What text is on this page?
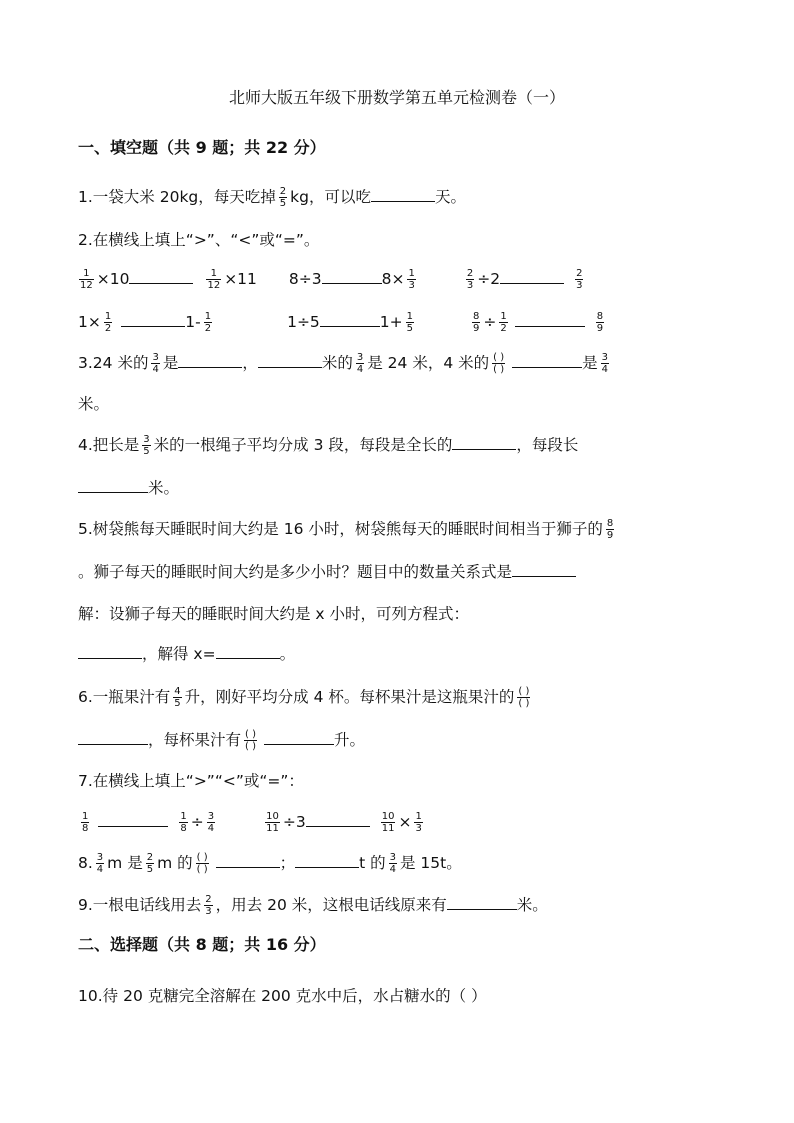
北师大版五年级下册数学第五单元检测卷（一）
一、填空题（共 9 题；共 22 分）
1.一袋大米 20kg，每天吃掉 $\frac{2}{5}$ kg，可以吃	天。
2.在横线上填上“>”、“<”或“=”。
$\frac{1}{12} \times 10$	$\frac{1}{12} \times 11$ 8÷3	$8\times \frac{1}{3}$	$\frac{2}{3} \div 2$	$\frac{2}{3}$
$1\times \frac{1}{2}$	$1- \frac{1}{2}$	1÷5	$1+ \frac{1}{5}$	$\frac{8}{9} \div \frac{1}{2}$	$\frac{8}{9}$
3.24 米的 $\frac{3}{4}$ 是	，	米的 $\frac{3}{4}$ 是 24 米，4 米的 $\frac{( )}{( )}$	是 $\frac{3}{4}$
米。
4.把长是 $\frac{3}{5}$ 米的一根绳子平均分成 3 段，每段是全长的	，每段长
米。
5.树袋熊每天睡眠时间大约是 16 小时，树袋熊每天的睡眠时间相当于狮子的 $\frac{8}{9}$
。狮子每天的睡眠时间大约是多少小时？题目中的数量关系式是
解：设狮子每天的睡眠时间大约是 x 小时，可列方程式：
，解得 x=	。
6.一瓶果汁有 $\frac{4}{5}$ 升，刚好平均分成 4 杯。每杯果汁是这瓶果汁的 $\frac{( )}{( )}$
，每杯果汁有 $\frac{( )}{( )}$	升。
7.在横线上填上“>”“<”或“=”：
$\frac{1}{8}$	$\frac{1}{8} \div \frac{3}{4}$	$\frac{10}{11} \div 3$	$\frac{10}{11} \times \frac{1}{3}$
8. $\frac{3}{4}$ m 是 $\frac{2}{5}$ m 的 $\frac{( )}{( )}$	；	t 的 $\frac{3}{4}$ 是 15t。
9.一根电话线用去 $\frac{2}{3}$ ，用去 20 米，这根电话线原来有	米。
二、选择题（共 8 题；共 16 分）
10.待 20 克糖完全溶解在 200 克水中后，水占糖水的（ ）
